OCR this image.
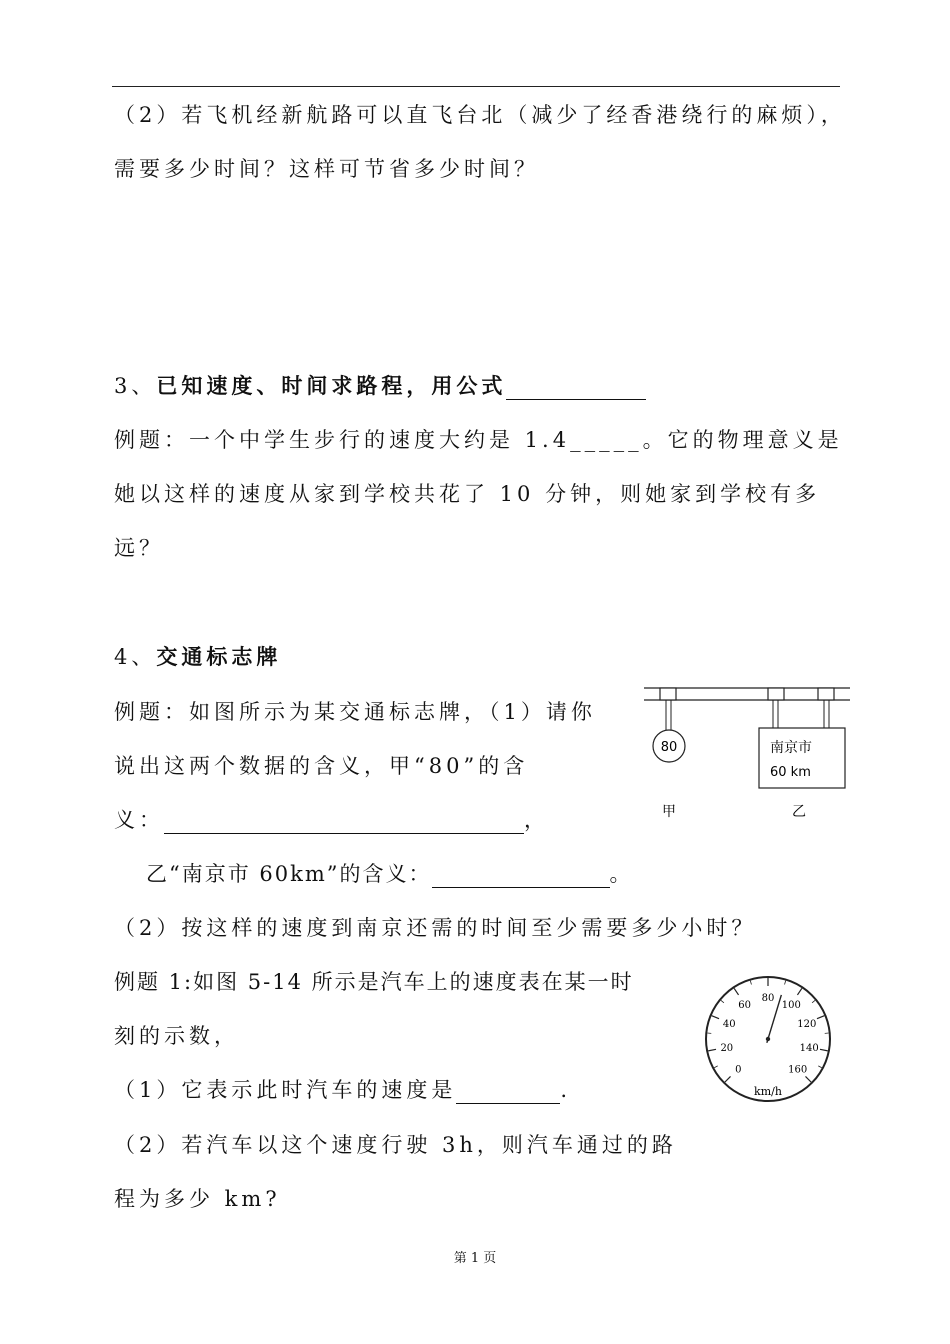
（2）若飞机经新航路可以直飞台北（减少了经香港绕行的麻烦），
需要多少时间？这样可节省多少时间？
3、已知速度、时间求路程，用公式
例题：一个中学生步行的速度大约是 1.4_____。它的物理意义是
她以这样的速度从家到学校共花了 10 分钟，则她家到学校有多
远？
4、交通标志牌
例题：如图所示为某交通标志牌，（1）请你
说出这两个数据的含义，甲“80”的含
义：	，
乙“南京市 60km”的含义：	。
（2）按这样的速度到南京还需的时间至少需要多少小时？
80	南京市
60 km
甲	乙
例题 1:如图 5-14 所示是汽车上的速度表在某一时
刻的示数，
（1）它表示此时汽车的速度是	.
（2）若汽车以这个速度行驶 3h，则汽车通过的路
程为多少 km?
0
20
40
60
80
100
120
140
160
km/h
第 1 页
